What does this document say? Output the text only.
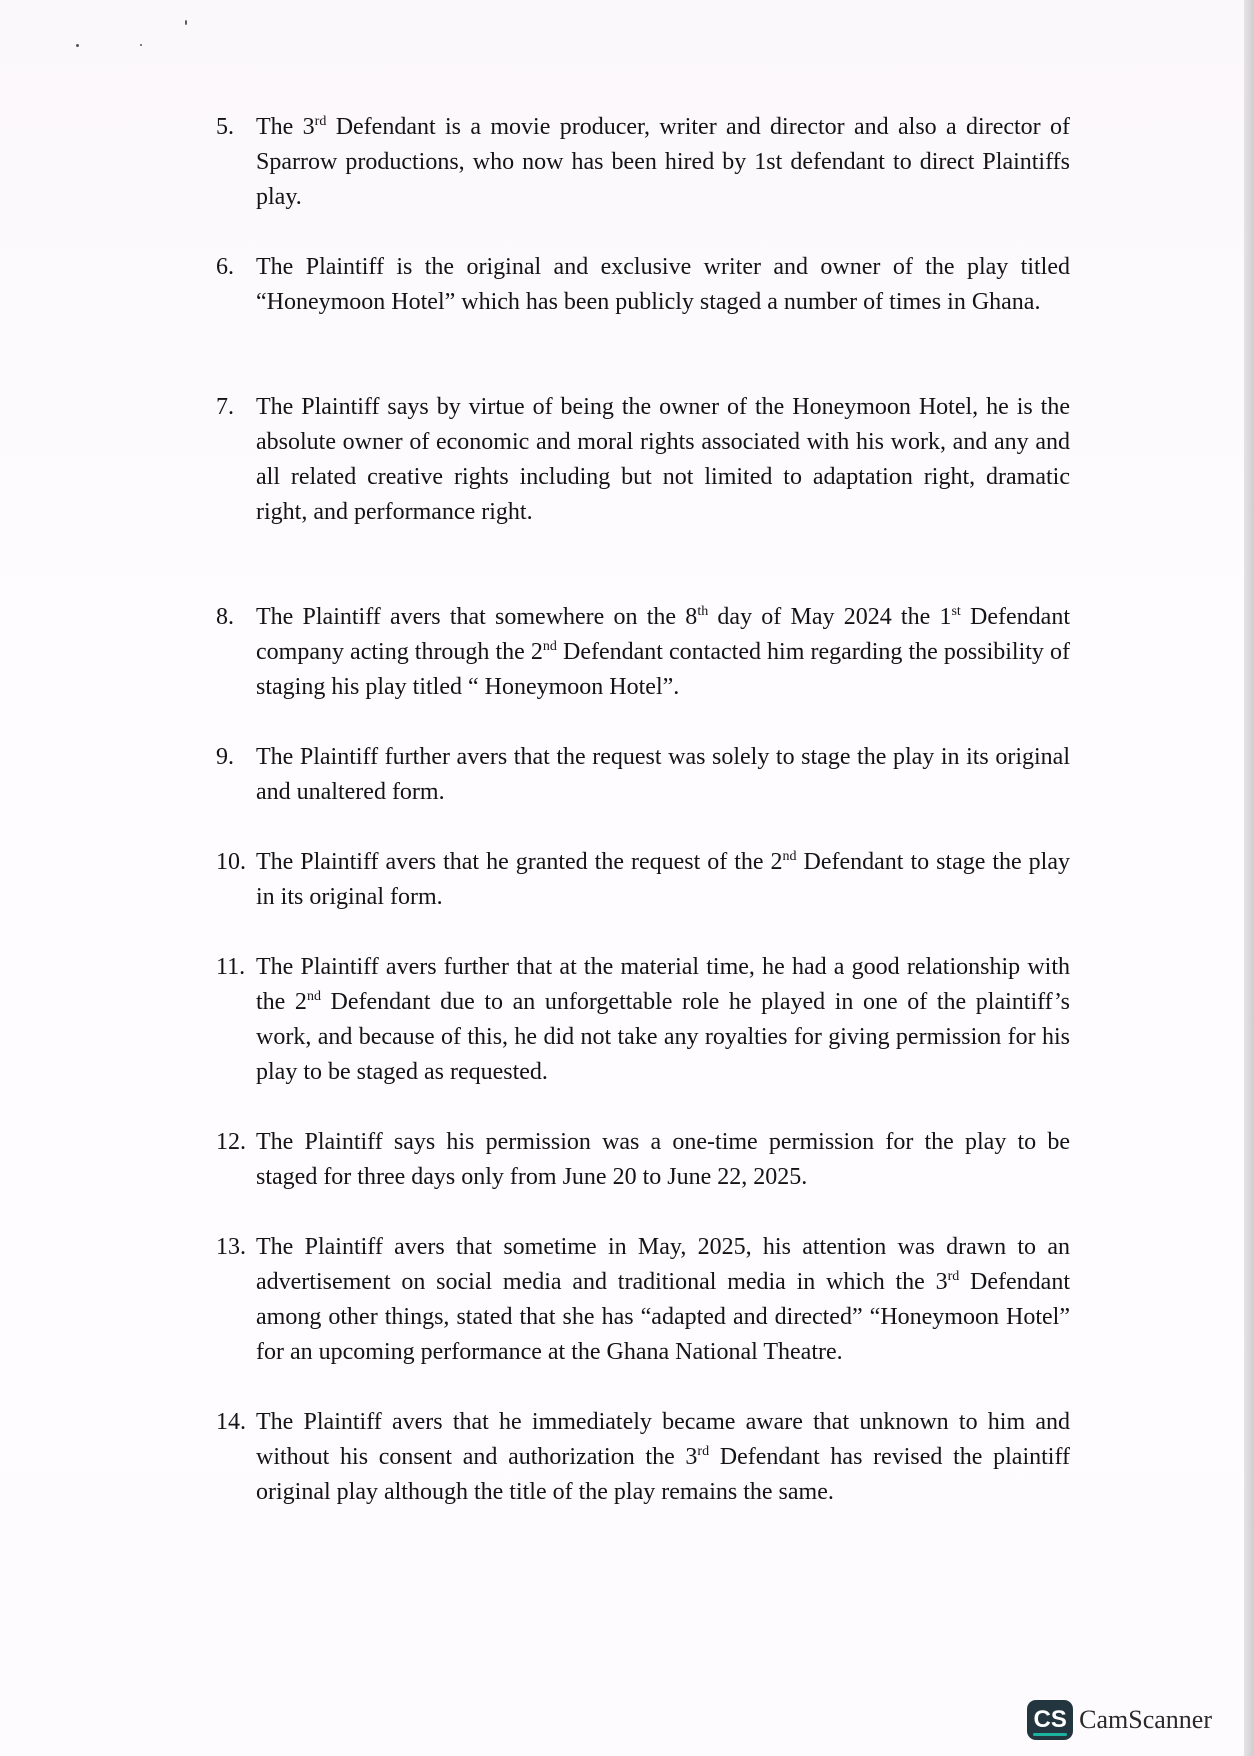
5. The 3rd Defendant is a movie producer, writer and director and also a director of Sparrow productions, who now has been hired by 1st defendant to direct Plaintiffs play.
6. The Plaintiff is the original and exclusive writer and owner of the play titled “Honeymoon Hotel” which has been publicly staged a number of times in Ghana.
7. The Plaintiff says by virtue of being the owner of the Honeymoon Hotel, he is the absolute owner of economic and moral rights associated with his work, and any and all related creative rights including but not limited to adaptation right, dramatic right, and performance right.
8. The Plaintiff avers that somewhere on the 8th day of May 2024 the 1st Defendant company acting through the 2nd Defendant contacted him regarding the possibility of staging his play titled “ Honeymoon Hotel”.
9. The Plaintiff further avers that the request was solely to stage the play in its original and unaltered form.
10. The Plaintiff avers that he granted the request of the 2nd Defendant to stage the play in its original form.
11. The Plaintiff avers further that at the material time, he had a good relationship with the 2nd Defendant due to an unforgettable role he played in one of the plaintiff’s work, and because of this, he did not take any royalties for giving permission for his play to be staged as requested.
12. The Plaintiff says his permission was a one-time permission for the play to be staged for three days only from June 20 to June 22, 2025.
13. The Plaintiff avers that sometime in May, 2025, his attention was drawn to an advertisement on social media and traditional media in which the 3rd Defendant among other things, stated that she has “adapted and directed” “Honeymoon Hotel” for an upcoming performance at the Ghana National Theatre.
14. The Plaintiff avers that he immediately became aware that unknown to him and without his consent and authorization the 3rd Defendant has revised the plaintiff original play although the title of the play remains the same.
CS CamScanner
